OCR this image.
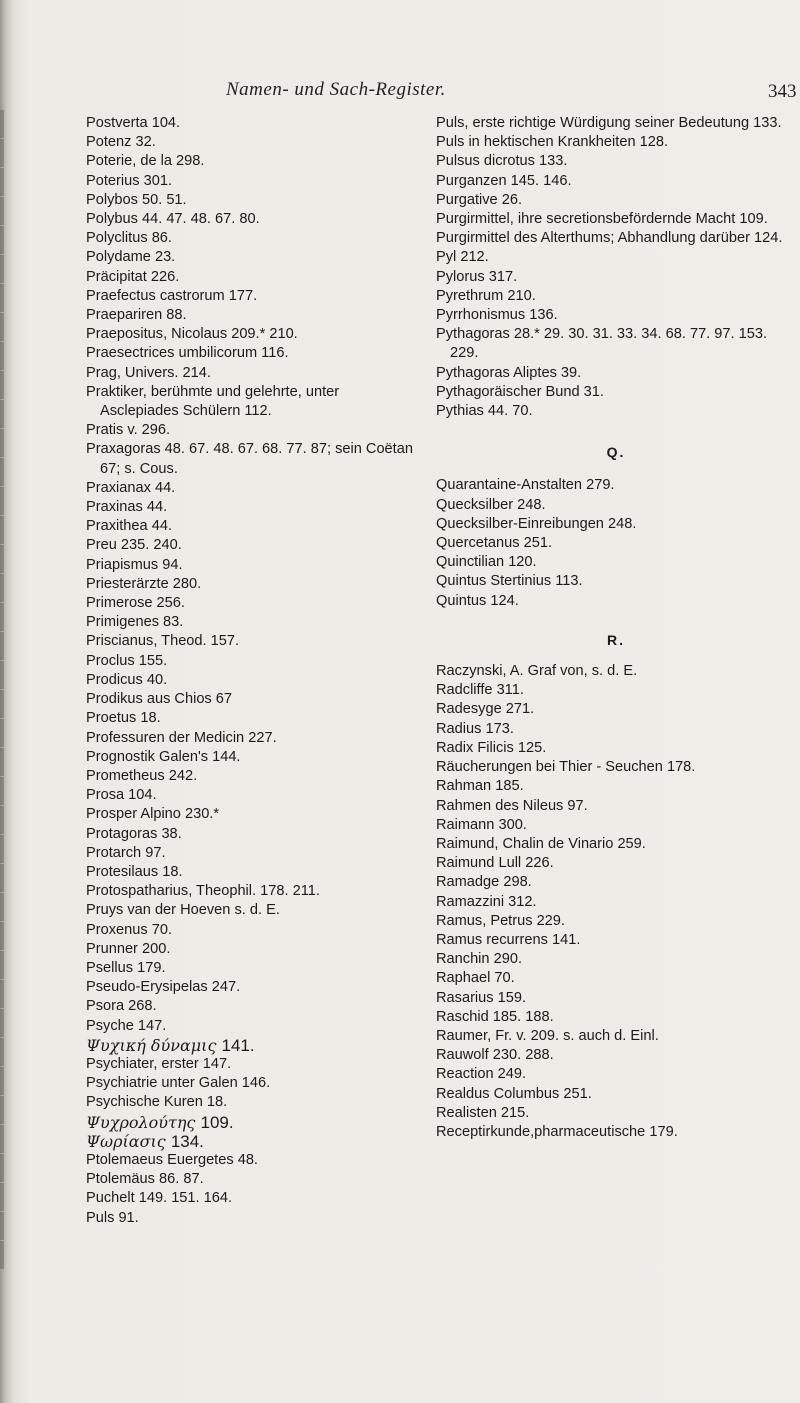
Namen- und Sach-Register.	343
Postverta 104.
Potenz 32.
Poterie, de la 298.
Poterius 301.
Polybos 50. 51.
Polybus 44. 47. 48. 67. 80.
Polyclitus 86.
Polydame 23.
Präcipitat 226.
Praefectus castrorum 177.
Praepariren 88.
Praepositus, Nicolaus 209.* 210.
Praesectrices umbilicorum 116.
Prag, Univers. 214.
Praktiker, berühmte und gelehrte, unter Asclepiades Schülern 112.
Pratis v. 296.
Praxagoras 48. 67. 48. 67. 68. 77. 87; sein Coëtan 67; s. Cous.
Praxianax 44.
Praxinas 44.
Praxithea 44.
Preu 235. 240.
Priapismus 94.
Priesterärzte 280.
Primerose 256.
Primigenes 83.
Priscianus, Theod. 157.
Proclus 155.
Prodicus 40.
Prodikus aus Chios 67
Proetus 18.
Professuren der Medicin 227.
Prognostik Galen's 144.
Prometheus 242.
Prosa 104.
Prosper Alpino 230.*
Protagoras 38.
Protarch 97.
Protesilaus 18.
Protospatharius, Theophil. 178. 211.
Pruys van der Hoeven s. d. E.
Proxenus 70.
Prunner 200.
Psellus 179.
Pseudo-Erysipelas 247.
Psora 268.
Psyche 147.
Ψυχική δύναμις 141.
Psychiater, erster 147.
Psychiatrie unter Galen 146.
Psychische Kuren 18.
Ψυχρολούτης 109.
Ψωρίασις 134.
Ptolemaeus Euergetes 48.
Ptolemäus 86. 87.
Puchelt 149. 151. 164.
Puls 91.
Puls, erste richtige Würdigung seiner Bedeutung 133.
Puls in hektischen Krankheiten 128.
Pulsus dicrotus 133.
Purganzen 145. 146.
Purgative 26.
Purgirmittel, ihre secretionsbefördernde Macht 109.
Purgirmittel des Alterthums; Abhandlung darüber 124.
Pyl 212.
Pylorus 317.
Pyrethrum 210.
Pyrrhonismus 136.
Pythagoras 28.* 29. 30. 31. 33. 34. 68. 77. 97. 153. 229.
Pythagoras Aliptes 39.
Pythagoräischer Bund 31.
Pythias 44. 70.
Q.
Quarantaine-Anstalten 279.
Quecksilber 248.
Quecksilber-Einreibungen 248.
Quercetanus 251.
Quinctilian 120.
Quintus Stertinius 113.
Quintus 124.
R.
Raczynski, A. Graf von, s. d. E.
Radcliffe 311.
Radesyge 271.
Radius 173.
Radix Filicis 125.
Räucherungen bei Thier - Seuchen 178.
Rahman 185.
Rahmen des Nileus 97.
Raimann 300.
Raimund, Chalin de Vinario 259.
Raimund Lull 226.
Ramadge 298.
Ramazzini 312.
Ramus, Petrus 229.
Ramus recurrens 141.
Ranchin 290.
Raphael 70.
Rasarius 159.
Raschid 185. 188.
Raumer, Fr. v. 209. s. auch d. Einl.
Rauwolf 230. 288.
Reaction 249.
Realdus Columbus 251.
Realisten 215.
Receptirkunde,pharmaceutische 179.
